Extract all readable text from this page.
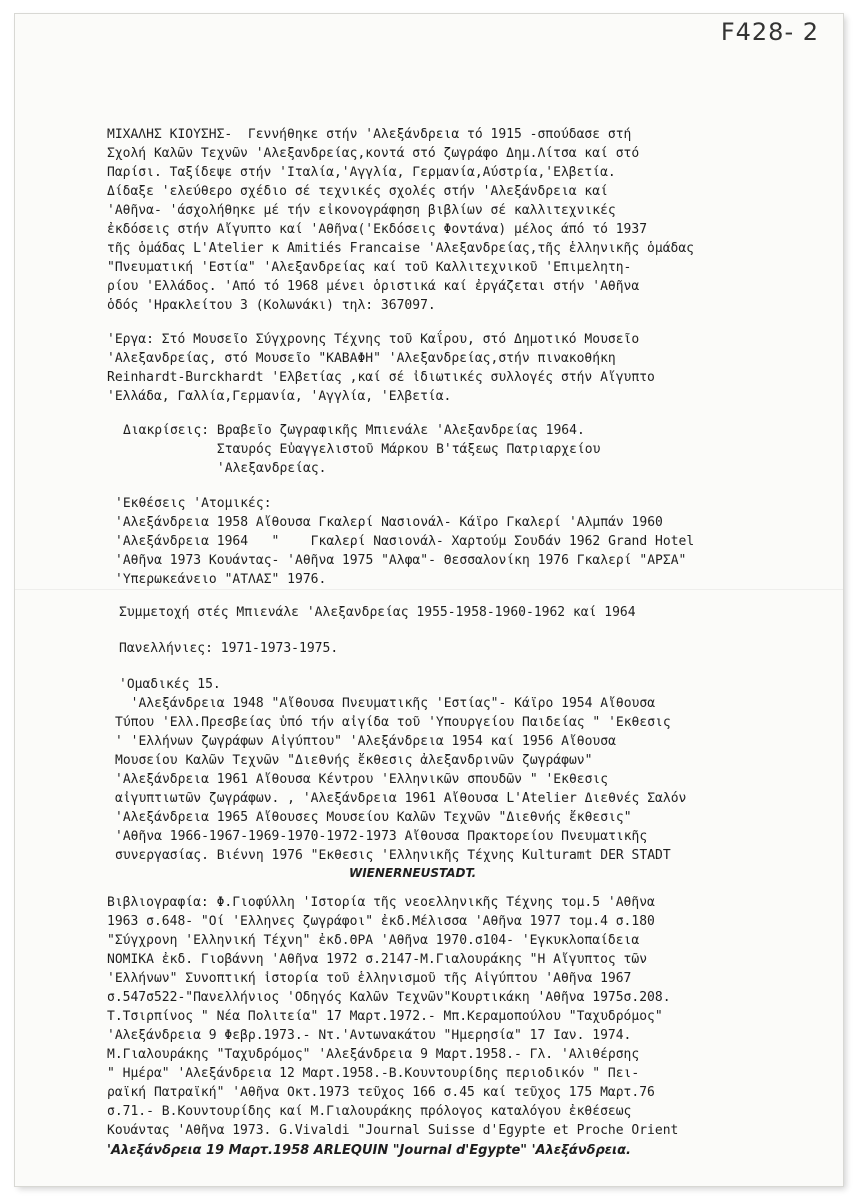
F428- 2
ΜΙΧΑΛΗΣ ΚΙΟΥΣΗΣ-  Γεννήθηκε στήν 'Αλεξάνδρεια τό 1915 -σπούδασε στή
Σχολή Καλῶν Τεχνῶν 'Αλεξανδρείας,κοντά στό ζωγράφο Δημ.Λίτσα καί στό
Παρίσι. Ταξίδεψε στήν 'Ιταλία,'Αγγλία, Γερμανία,Αύστρία,'Ελβετία.
Δίδαξε 'ελεύθερο σχέδιο σέ τεχνικές σχολές στήν 'Αλεξάνδρεια καί
'Αθῆνα- 'άσχολήθηκε μέ τήν εἰκονογράφηση βιβλίων σέ καλλιτεχνικές
ἐκδόσεις στήν Αἴγυπτο καί 'Αθῆνα('Εκδόσεις Φοντάνα) μέλος άπό τό 1937
τῆς ὁμάδας L'Atelier κ Amitiés Francaise 'Αλεξανδρείας,τῆς ἑλληνικῆς ὁμάδας
"Πνευματική 'Εστία" 'Αλεξανδρείας καί τοῦ Καλλιτεχνικοῦ 'Επιμελητη-
ρίου 'Ελλάδος. 'Από τό 1968 μένει ὁριστικά καί ἐργάζεται στήν 'Αθῆνα
ὁδός 'Ηρακλείτου 3 (Κολωνάκι) τηλ: 367097.
'Εργα: Στό Μουσεῖο Σύγχρονης Τέχνης τοῦ Καΐρου, στό Δημοτικό Μουσεῖο
'Αλεξανδρείας, στό Μουσεῖο "ΚΑΒΑΦΗ" 'Αλεξανδρείας,στήν πινακοθήκη
Reinhardt-Burckhardt 'Ελβετίας ,καί σέ ἰδιωτικές συλλογές στήν Αἴγυπτο
'Ελλάδα, Γαλλία,Γερμανία, 'Αγγλία, 'Ελβετία.
Διακρίσεις: Βραβεῖο ζωγραφικῆς Μπιενάλε 'Αλεξανδρείας 1964.
Σταυρός Εὐαγγελιστοῦ Μάρκου Β'τάξεως Πατριαρχείου
'Αλεξανδρείας.
'Εκθέσεις 'Ατομικές:
'Αλεξάνδρεια 1958 Αἴθουσα Γκαλερί Νασιονάλ- Κάϊρο Γκαλερί 'Αλμπάν 1960
'Αλεξάνδρεια 1964   "    Γκαλερί Νασιονάλ- Χαρτούμ Σουδάν 1962 Grand Hotel
'Αθῆνα 1973 Κουάντας- 'Αθῆνα 1975 "Αλφα"- Θεσσαλονίκη 1976 Γκαλερί "ΑΡΣΑ"
'Υπερωκεάνειο "ΑΤΛΑΣ" 1976.
Συμμετοχή στές Μπιενάλε 'Αλεξανδρείας 1955-1958-1960-1962 καί 1964
Πανελλήνιες: 1971-1973-1975.
'Ομαδικές 15.
'Αλεξάνδρεια 1948 "Αἴθουσα Πνευματικῆς 'Εστίας"- Κάϊρο 1954 Αἴθουσα
Τύπου 'Ελλ.Πρεσβείας ὑπό τήν αἰγίδα τοῦ 'Υπουργείου Παιδείας " 'Εκθεσις
' 'Ελλήνων ζωγράφων Αἰγύπτου" 'Αλεξάνδρεια 1954 καί 1956 Αἴθουσα
Μουσείου Καλῶν Τεχνῶν "Διεθνής ἔκθεσις ἀλεξανδρινῶν ζωγράφων"
'Αλεξάνδρεια 1961 Αἴθουσα Κέντρου 'Ελληνικῶν σπουδῶν " 'Εκθεσις
αἰγυπτιωτῶν ζωγράφων. , 'Αλεξάνδρεια 1961 Αἴθουσα L'Atelier Διεθνές Σαλόν
'Αλεξάνδρεια 1965 Αἴθουσες Μουσείου Καλῶν Τεχνῶν "Διεθνής ἔκθεσις"
'Αθῆνα 1966-1967-1969-1970-1972-1973 Αἴθουσα Πρακτορείου Πνευματικῆς
συνεργασίας. Βιέννη 1976 "Εκθεσις 'Ελληνικῆς Τέχνης Kulturamt DER STADT
WIENERNEUSTADT.
Βιβλιογραφία: Φ.Γιοφύλλη 'Ιστορία τῆς νεοελληνικῆς Τέχνης τομ.5 'Αθῆνα
1963 σ.648- "Οί 'Ελληνες ζωγράφοι" ἐκδ.Μέλισσα 'Αθῆνα 1977 τομ.4 σ.180
"Σύγχρονη 'Ελληνική Τέχνη" ἐκδ.ΘΡΑ 'Αθῆνα 1970.σ104- 'Εγκυκλοπαίδεια
ΝΟΜΙΚΑ ἐκδ. Γιοβάννη 'Αθῆνα 1972 σ.2147-Μ.Γιαλουράκης "Η Αἴγυπτος τῶν
'Ελλήνων" Συνοπτική ἱστορία τοῦ ἑλληνισμοῦ τῆς Αἰγύπτου 'Αθῆνα 1967
σ.547σ522-"Πανελλήνιος 'Οδηγός Καλῶν Τεχνῶν"Κουρτικάκη 'Αθῆνα 1975σ.208.
Τ.Τσιρπίνος " Νέα Πολιτεία" 17 Μαρτ.1972.- Μπ.Κεραμοπούλου "Ταχυδρόμος"
'Αλεξάνδρεια 9 Φεβρ.1973.- Ντ.'Αντωνακάτου "Ημερησία" 17 Ιαν. 1974.
Μ.Γιαλουράκης "Ταχυδρόμος" 'Αλεξάνδρεια 9 Μαρτ.1958.- Γλ. 'Αλιθέρσης
" Ημέρα" 'Αλεξάνδρεια 12 Μαρτ.1958.-Β.Κουντουρίδης περιοδικόν " Πει-
ραϊκή Πατραϊκή" 'Αθῆνα Οκτ.1973 τεῦχος 166 σ.45 καί τεῦχος 175 Μαρτ.76
σ.71.- Β.Κουντουρίδης καί Μ.Γιαλουράκης πρόλογος καταλόγου ἐκθέσεως
Κουάντας 'Αθῆνα 1973. G.Vivaldi "Journal Suisse d'Egypte et Proche Orient
'Αλεξάνδρεια 19 Μαρτ.1958 ARLEQUIN "Journal d'Egypte" 'Αλεξάνδρεια.
